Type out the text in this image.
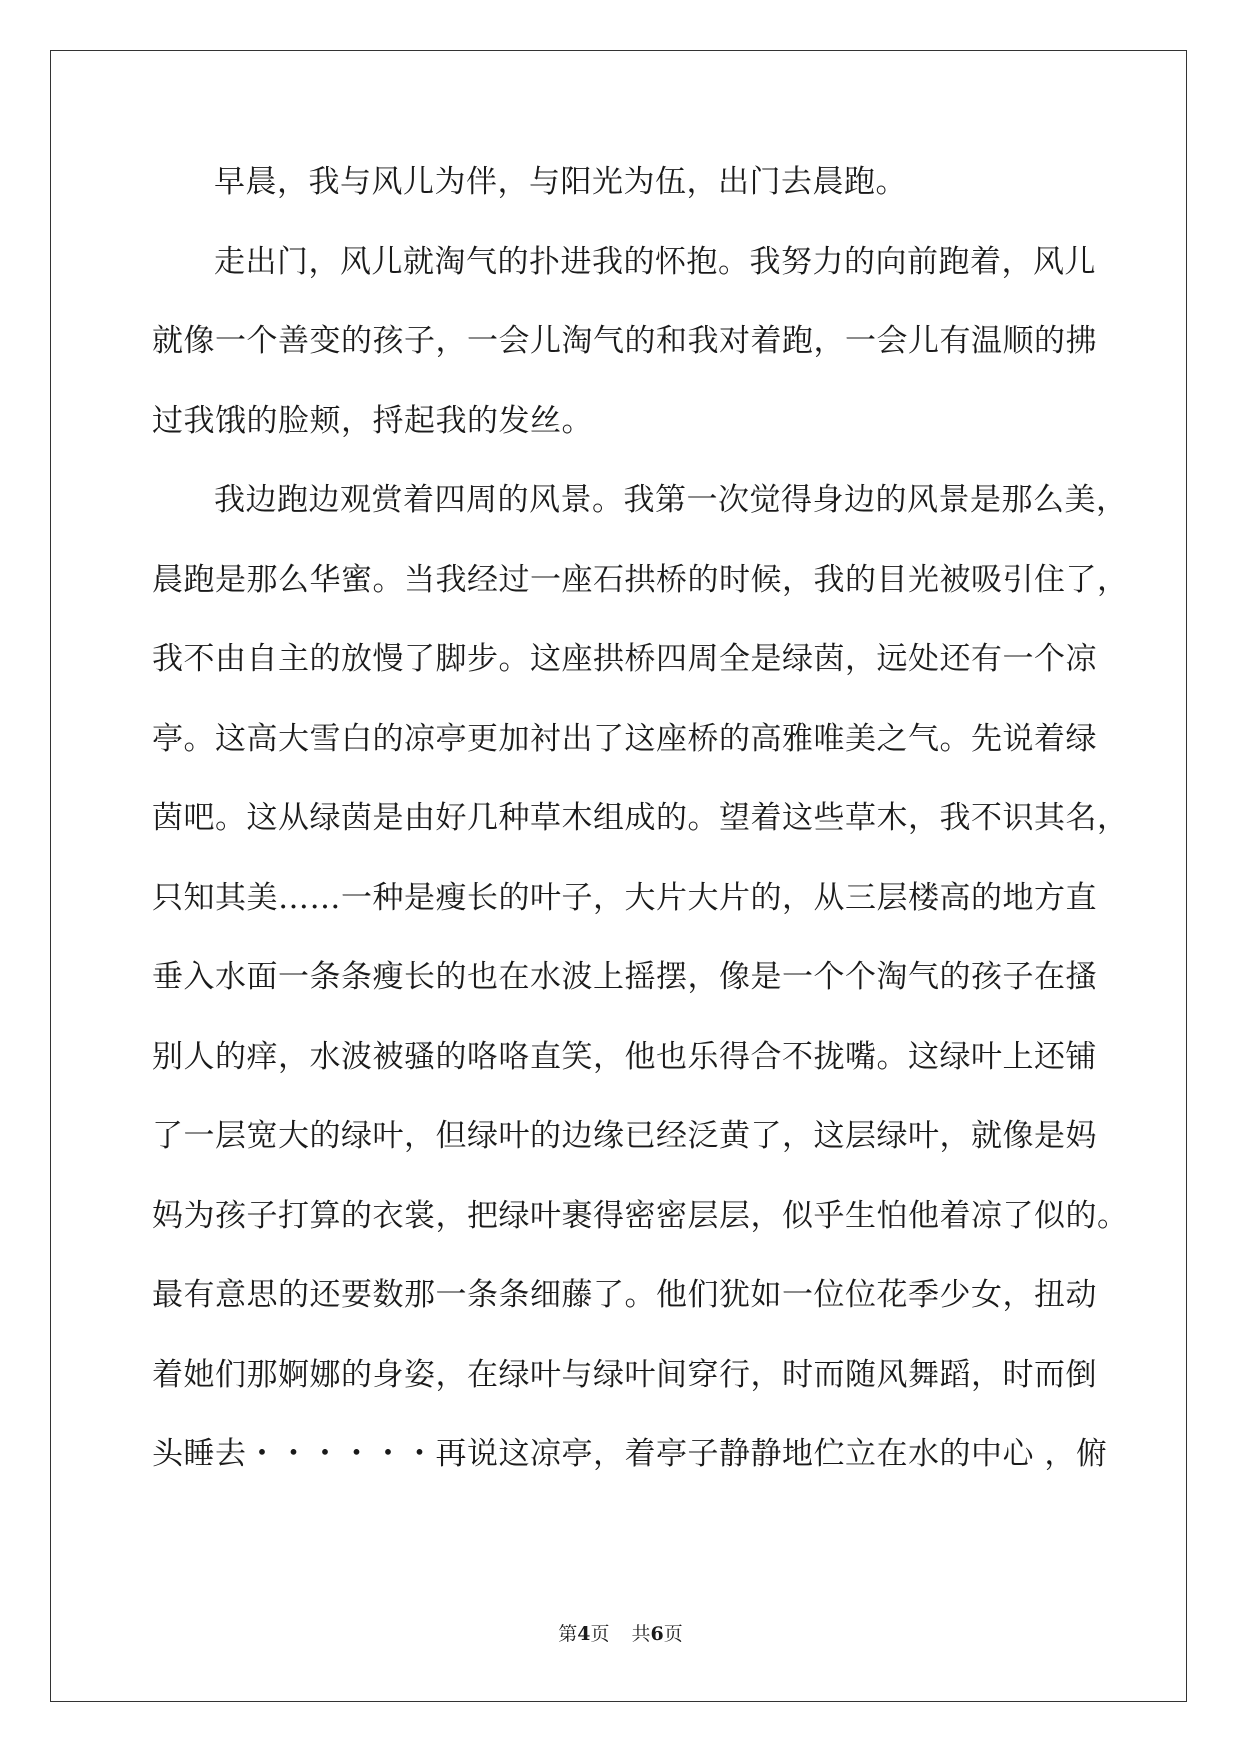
早晨，我与风儿为伴，与阳光为伍，出门去晨跑。
走出门，风儿就淘气的扑进我的怀抱。我努力的向前跑着，风儿
就像一个善变的孩子，一会儿淘气的和我对着跑，一会儿有温顺的拂
过我饿的脸颊，捋起我的发丝。
我边跑边观赏着四周的风景。我第一次觉得身边的风景是那么美，
晨跑是那么华蜜。当我经过一座石拱桥的时候，我的目光被吸引住了，
我不由自主的放慢了脚步。这座拱桥四周全是绿茵，远处还有一个凉
亭。这高大雪白的凉亭更加衬出了这座桥的高雅唯美之气。先说着绿
茵吧。这从绿茵是由好几种草木组成的。望着这些草木，我不识其名，
只知其美……一种是瘦长的叶子，大片大片的，从三层楼高的地方直
垂入水面一条条瘦长的也在水波上摇摆，像是一个个淘气的孩子在搔
别人的痒，水波被骚的咯咯直笑，他也乐得合不拢嘴。这绿叶上还铺
了一层宽大的绿叶，但绿叶的边缘已经泛黄了，这层绿叶，就像是妈
妈为孩子打算的衣裳，把绿叶裹得密密层层，似乎生怕他着凉了似的。
最有意思的还要数那一条条细藤了。他们犹如一位位花季少女，扭动
着她们那婀娜的身姿，在绿叶与绿叶间穿行，时而随风舞蹈，时而倒
头睡去・・・・・・再说这凉亭，着亭子静静地伫立在水的中心 ，俯
第4页 共6页
